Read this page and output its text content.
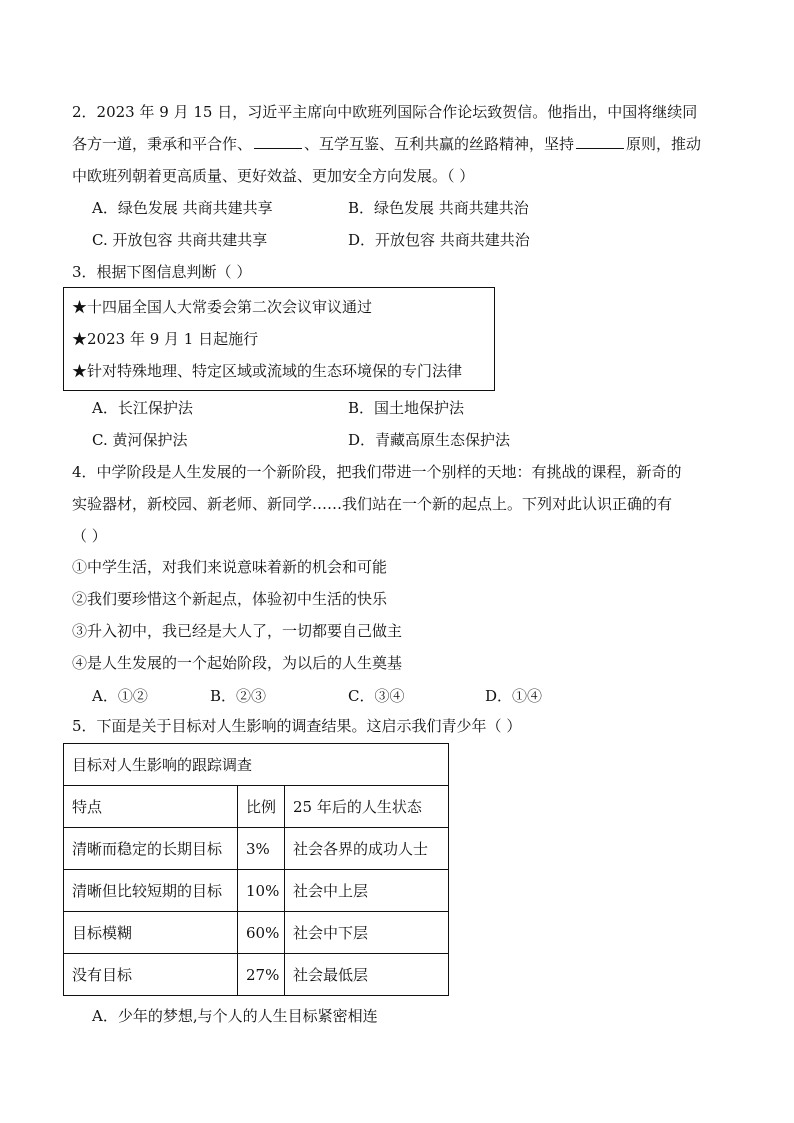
2．2023 年 9 月 15 日，习近平主席向中欧班列国际合作论坛致贺信。他指出，中国将继续同
各方一道，秉承和平合作、	、互学互鉴、互利共赢的丝路精神，坚持	原则，推动
中欧班列朝着更高质量、更好效益、更加安全方向发展。（ ）
A．绿色发展 共商共建共享	B．绿色发展 共商共建共治
C. 开放包容 共商共建共享	D．开放包容 共商共建共治
3．根据下图信息判断（ ）
★十四届全国人大常委会第二次会议审议通过
★2023 年 9 月 1 日起施行
★针对特殊地理、特定区域或流域的生态环境保的专门法律
A．长江保护法	B．国土地保护法
C. 黄河保护法	D．青藏高原生态保护法
4．中学阶段是人生发展的一个新阶段，把我们带进一个别样的天地：有挑战的课程，新奇的
实验器材，新校园、新老师、新同学……我们站在一个新的起点上。下列对此认识正确的有
（ ）
①中学生活，对我们来说意味着新的机会和可能
②我们要珍惜这个新起点，体验初中生活的快乐
③升入初中，我已经是大人了，一切都要自己做主
④是人生发展的一个起始阶段，为以后的人生奠基
A．①②	B．②③	C．③④	D．①④
5．下面是关于目标对人生影响的调查结果。这启示我们青少年（ ）
目标对人生影响的跟踪调查		
特点	比例	25 年后的人生状态
清晰而稳定的长期目标	3%	社会各界的成功人士
清晰但比较短期的目标	10%	社会中上层
目标模糊	60%	社会中下层
没有目标	27%	社会最低层
A．少年的梦想,与个人的人生目标紧密相连
